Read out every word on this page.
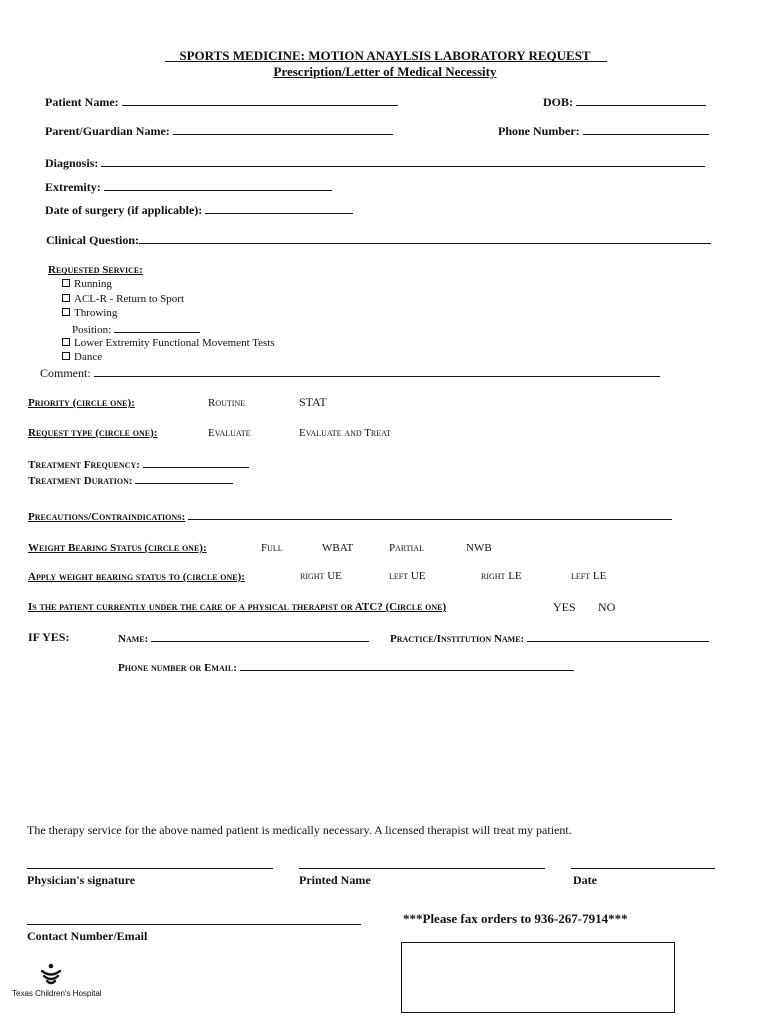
SPORTS MEDICINE: MOTION ANAYLSIS LABORATORY REQUEST
Prescription/Letter of Medical Necessity
Patient Name:	DOB:
Parent/Guardian Name:	Phone Number:
Diagnosis:
Extremity:
Date of surgery (if applicable):
Clinical Question:
Requested Service:
Running
ACL-R - Return to Sport
Throwing
Position:
Lower Extremity Functional Movement Tests
Dance
Comment:
Priority (circle one):	Routine	STAT
Request type (circle one):	Evaluate	Evaluate and Treat
Treatment Frequency:
Treatment Duration:
Precautions/Contraindications:
Weight Bearing Status (circle one):	Full	WBAT	Partial	NWB
Apply weight bearing status to (circle one):	right UE	left UE	right LE	left LE
Is the patient currently under the care of a physical therapist or ATC? (Circle one)	YES NO
IF YES:	Name:	Practice/Institution Name:
Phone number or Email:
The therapy service for the above named patient is medically necessary. A licensed therapist will treat my patient.
Physician's signature	Printed Name	Date
Contact Number/Email
***Please fax orders to 936-267-7914***
Texas Children's Hospital
